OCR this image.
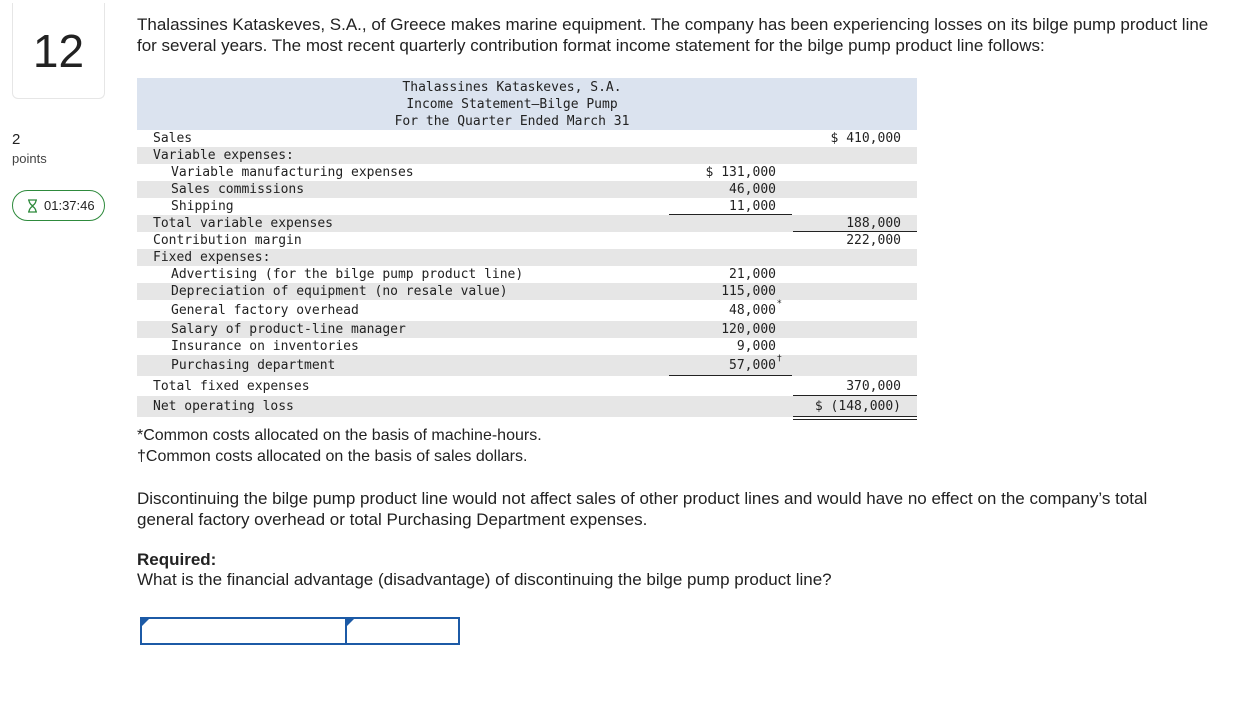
12
2
points
01:37:46
Thalassines Kataskeves, S.A., of Greece makes marine equipment. The company has been experiencing losses on its bilge pump product line for several years. The most recent quarterly contribution format income statement for the bilge pump product line follows:
Thalassines Kataskeves, S.A.
Income Statement—Bilge Pump
For the Quarter Ended March 31
Sales	$ 410,000
Variable expenses:
Variable manufacturing expenses	$ 131,000
Sales commissions	46,000
Shipping	11,000
Total variable expenses	188,000
Contribution margin	222,000
Fixed expenses:
Advertising (for the bilge pump product line)	21,000
Depreciation of equipment (no resale value)	115,000
General factory overhead	48,000 *
Salary of product-line manager	120,000
Insurance on inventories	9,000
Purchasing department	57,000 †
Total fixed expenses	370,000
Net operating loss	$ (148,000)
*Common costs allocated on the basis of machine-hours.
†Common costs allocated on the basis of sales dollars.
Discontinuing the bilge pump product line would not affect sales of other product lines and would have no effect on the company’s total general factory overhead or total Purchasing Department expenses.
Required:
What is the financial advantage (disadvantage) of discontinuing the bilge pump product line?
